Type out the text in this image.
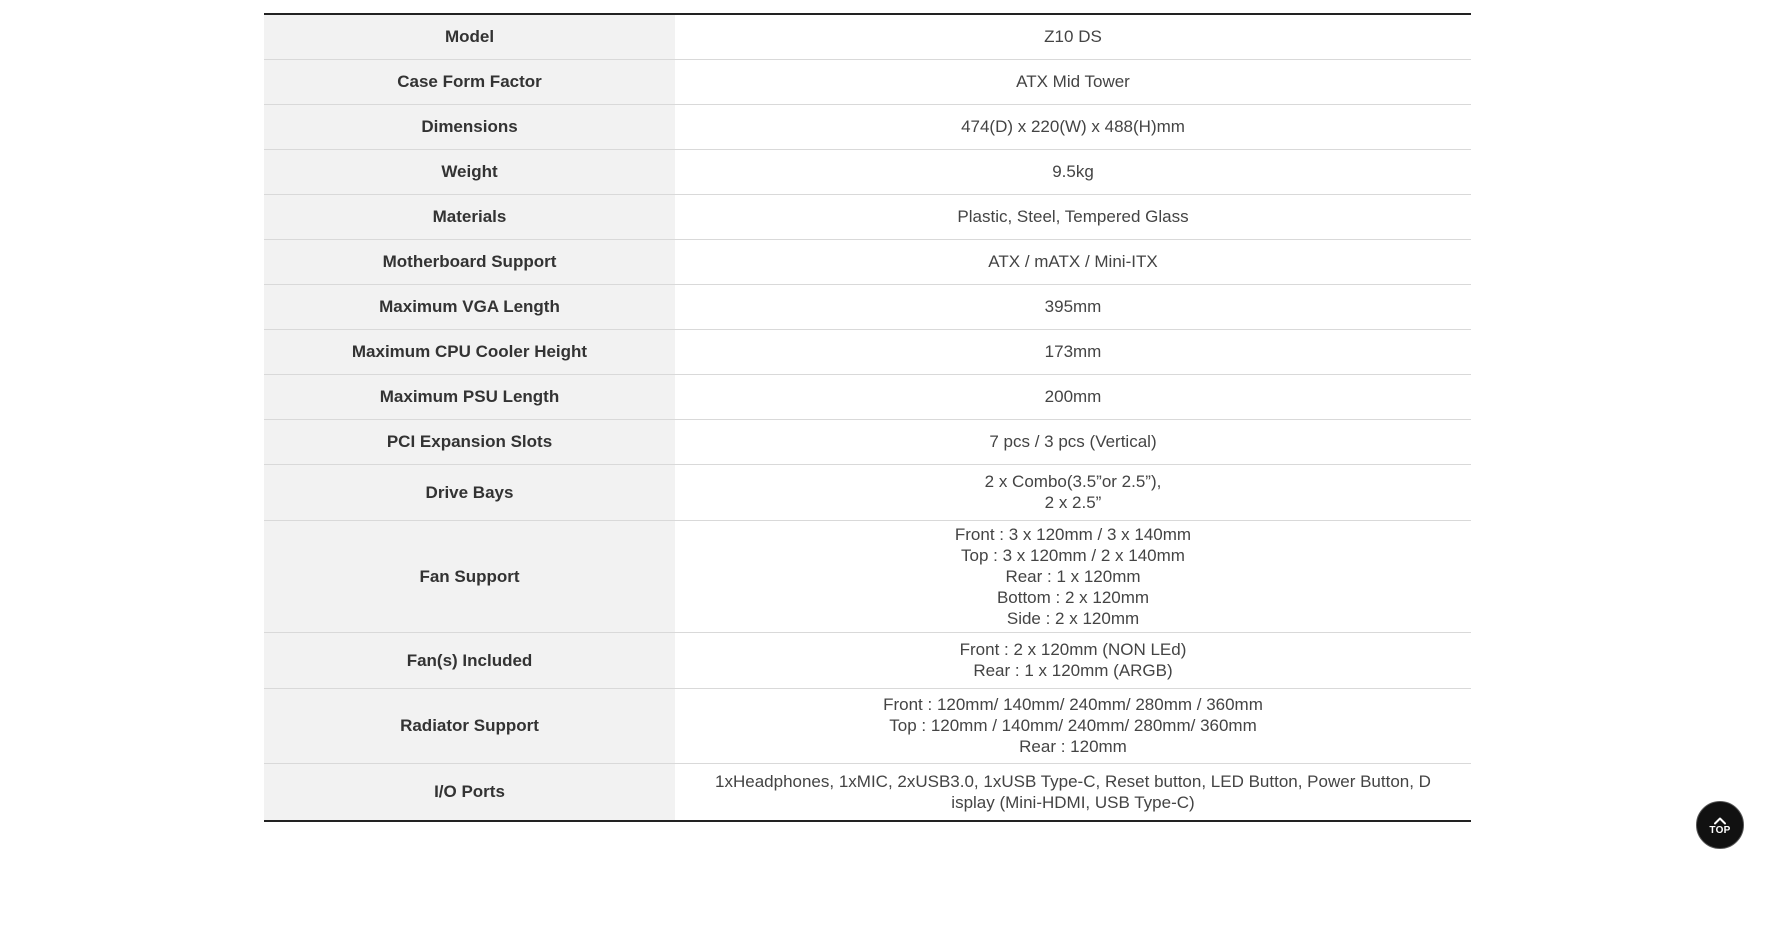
Model	Z10 DS

Case Form Factor	ATX Mid Tower

Dimensions	474(D) x 220(W) x 488(H)mm

Weight	9.5kg

Materials	Plastic, Steel, Tempered Glass

Motherboard Support	ATX / mATX / Mini-ITX

Maximum VGA Length	395mm

Maximum CPU Cooler Height	173mm

Maximum PSU Length	200mm

PCI Expansion Slots	7 pcs / 3 pcs (Vertical)

Drive Bays	2 x Combo(3.5”or 2.5”),
2 x 2.5”

Fan Support	Front : 3 x 120mm / 3 x 140mm
Top : 3 x 120mm / 2 x 140mm
Rear : 1 x 120mm
Bottom : 2 x 120mm
Side : 2 x 120mm

Fan(s) Included	Front : 2 x 120mm (NON LEd)
Rear : 1 x 120mm (ARGB)

Radiator Support	Front : 120mm/ 140mm/ 240mm/ 280mm / 360mm
Top : 120mm / 140mm/ 240mm/ 280mm/ 360mm
Rear : 120mm

I/O Ports	1xHeadphones, 1xMIC, 2xUSB3.0, 1xUSB Type-C, Reset button, LED Button, Power Button, D
isplay (Mini-HDMI, USB Type-C)
TOP
